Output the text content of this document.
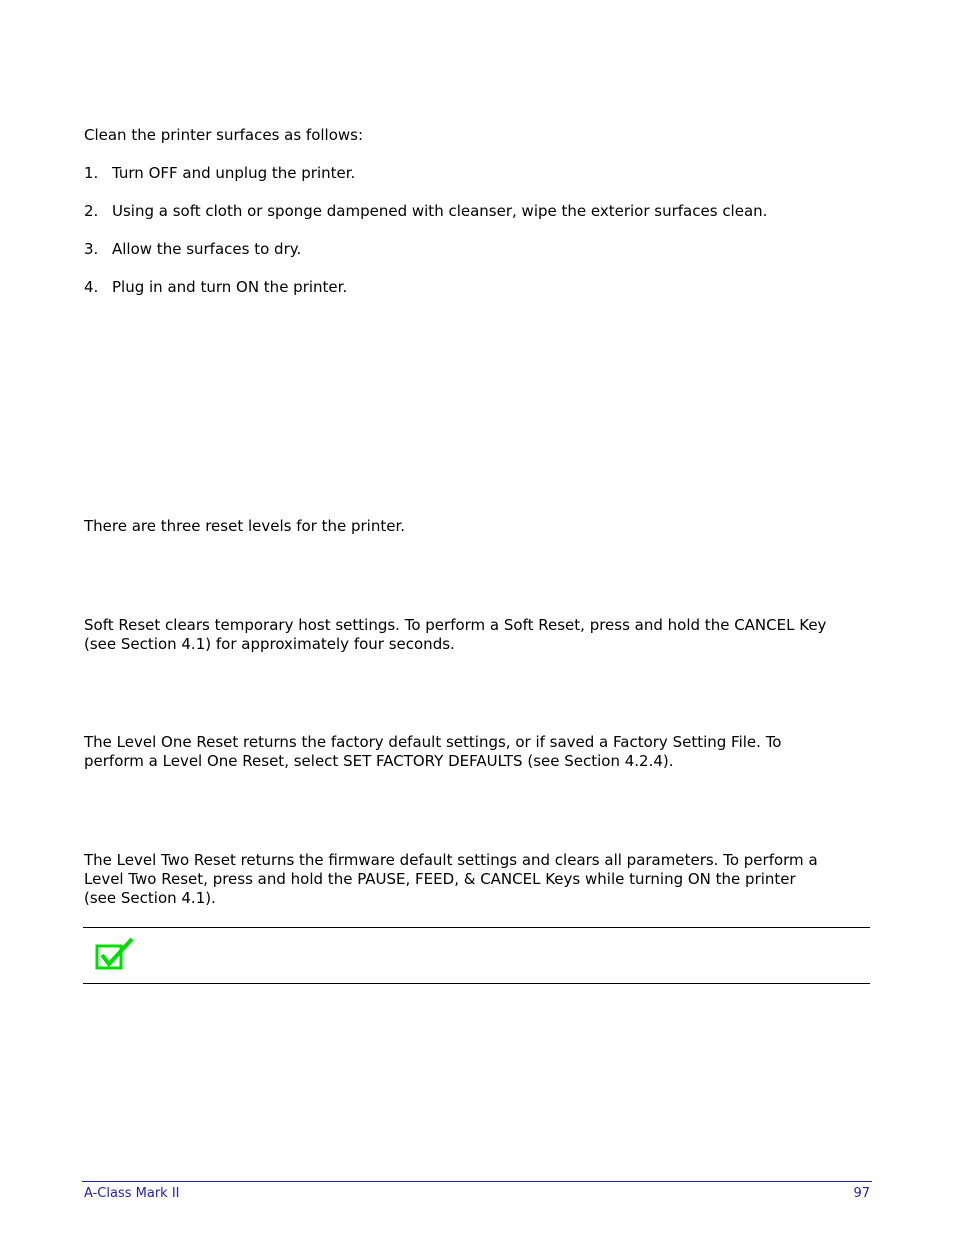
Clean the printer surfaces as follows:

1. Turn OFF and unplug the printer.
2. Using a soft cloth or sponge dampened with cleanser, wipe the exterior surfaces clean.
3. Allow the surfaces to dry.
4. Plug in and turn ON the printer.

There are three reset levels for the printer.

Soft Reset clears temporary host settings. To perform a Soft Reset, press and hold the CANCEL Key

(see Section 4.1) for approximately four seconds.

The Level One Reset returns the factory default settings, or if saved a Factory Setting File. To

perform a Level One Reset, select SET FACTORY DEFAULTS (see Section 4.2.4).

The Level Two Reset returns the firmware default settings and clears all parameters. To perform a

Level Two Reset, press and hold the PAUSE, FEED, & CANCEL Keys while turning ON the printer

(see Section 4.1).

A-Class Mark II	97
